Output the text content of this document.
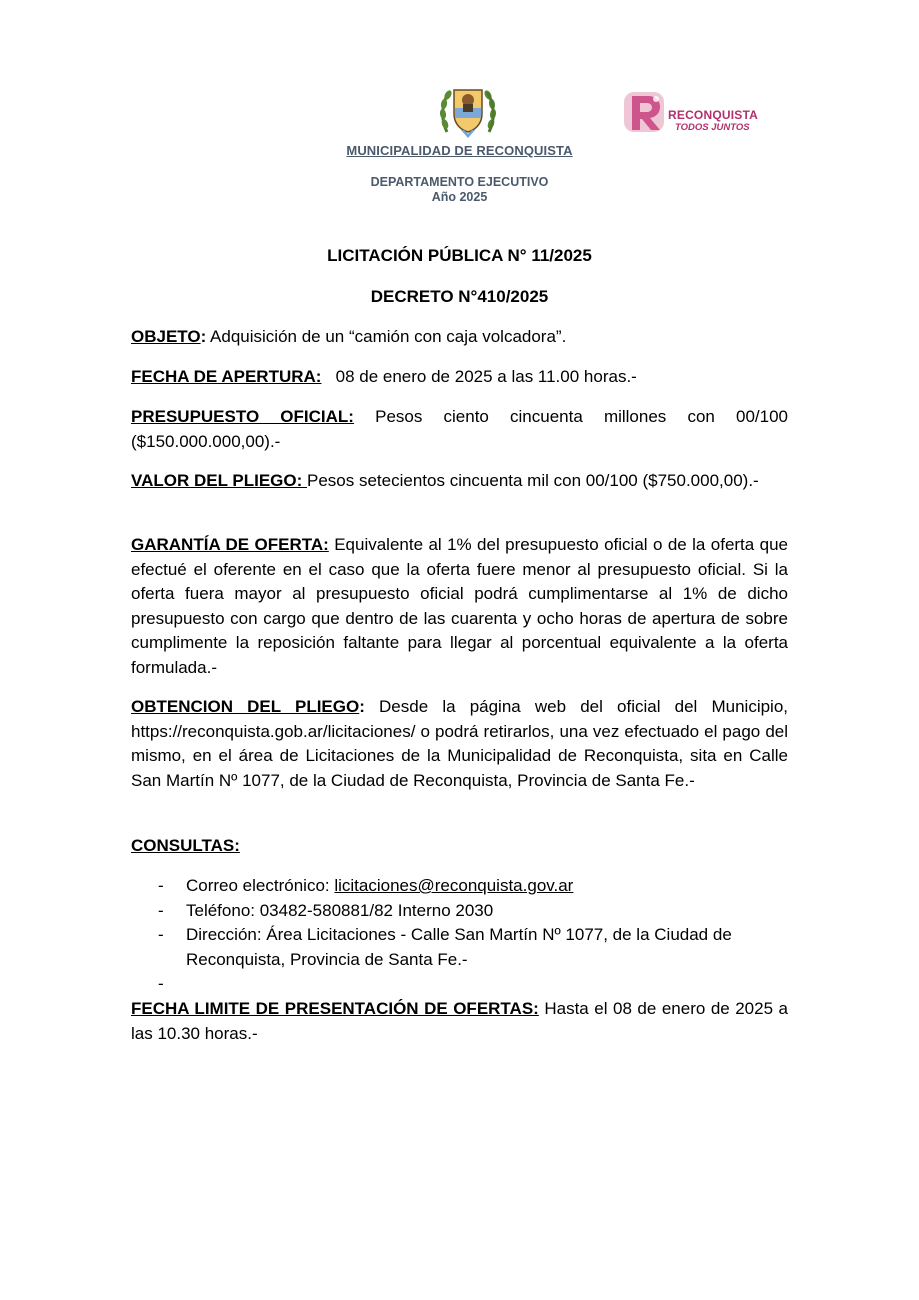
MUNICIPALIDAD DE RECONQUISTA
DEPARTAMENTO EJECUTIVO
Año 2025
RECONQUISTA
TODOS JUNTOS
LICITACIÓN PÚBLICA N° 11/2025
DECRETO N°410/2025

OBJETO: Adquisición de un “camión con caja volcadora”.

FECHA DE APERTURA:   08 de enero de 2025 a las 11.00 horas.-

PRESUPUESTO OFICIAL: Pesos ciento cincuenta millones con 00/100 ($150.000.000,00).-

VALOR DEL PLIEGO: Pesos setecientos cincuenta mil con 00/100 ($750.000,00).-

GARANTÍA DE OFERTA: Equivalente al 1% del presupuesto oficial o de la oferta que efectué el oferente en el caso que la oferta fuere menor al presupuesto oficial. Si la oferta fuera mayor al presupuesto oficial podrá cumplimentarse al 1% de dicho presupuesto con cargo que dentro de las cuarenta y ocho horas de apertura de sobre cumplimente la reposición faltante para llegar al porcentual equivalente a la oferta formulada.-

OBTENCION DEL PLIEGO: Desde la página web del oficial del Municipio, https://reconquista.gob.ar/licitaciones/ o podrá retirarlos, una vez efectuado el pago del mismo, en el área de Licitaciones de la Municipalidad de Reconquista, sita en Calle San Martín Nº 1077, de la Ciudad de Reconquista, Provincia de Santa Fe.-

CONSULTAS:

- Correo electrónico: licitaciones@reconquista.gov.ar
- Teléfono: 03482-580881/82 Interno 2030
- Dirección: Área Licitaciones - Calle San Martín Nº 1077, de la Ciudad de Reconquista, Provincia de Santa Fe.-
-

FECHA LIMITE DE PRESENTACIÓN DE OFERTAS: Hasta el 08 de enero de 2025 a las 10.30 horas.-
